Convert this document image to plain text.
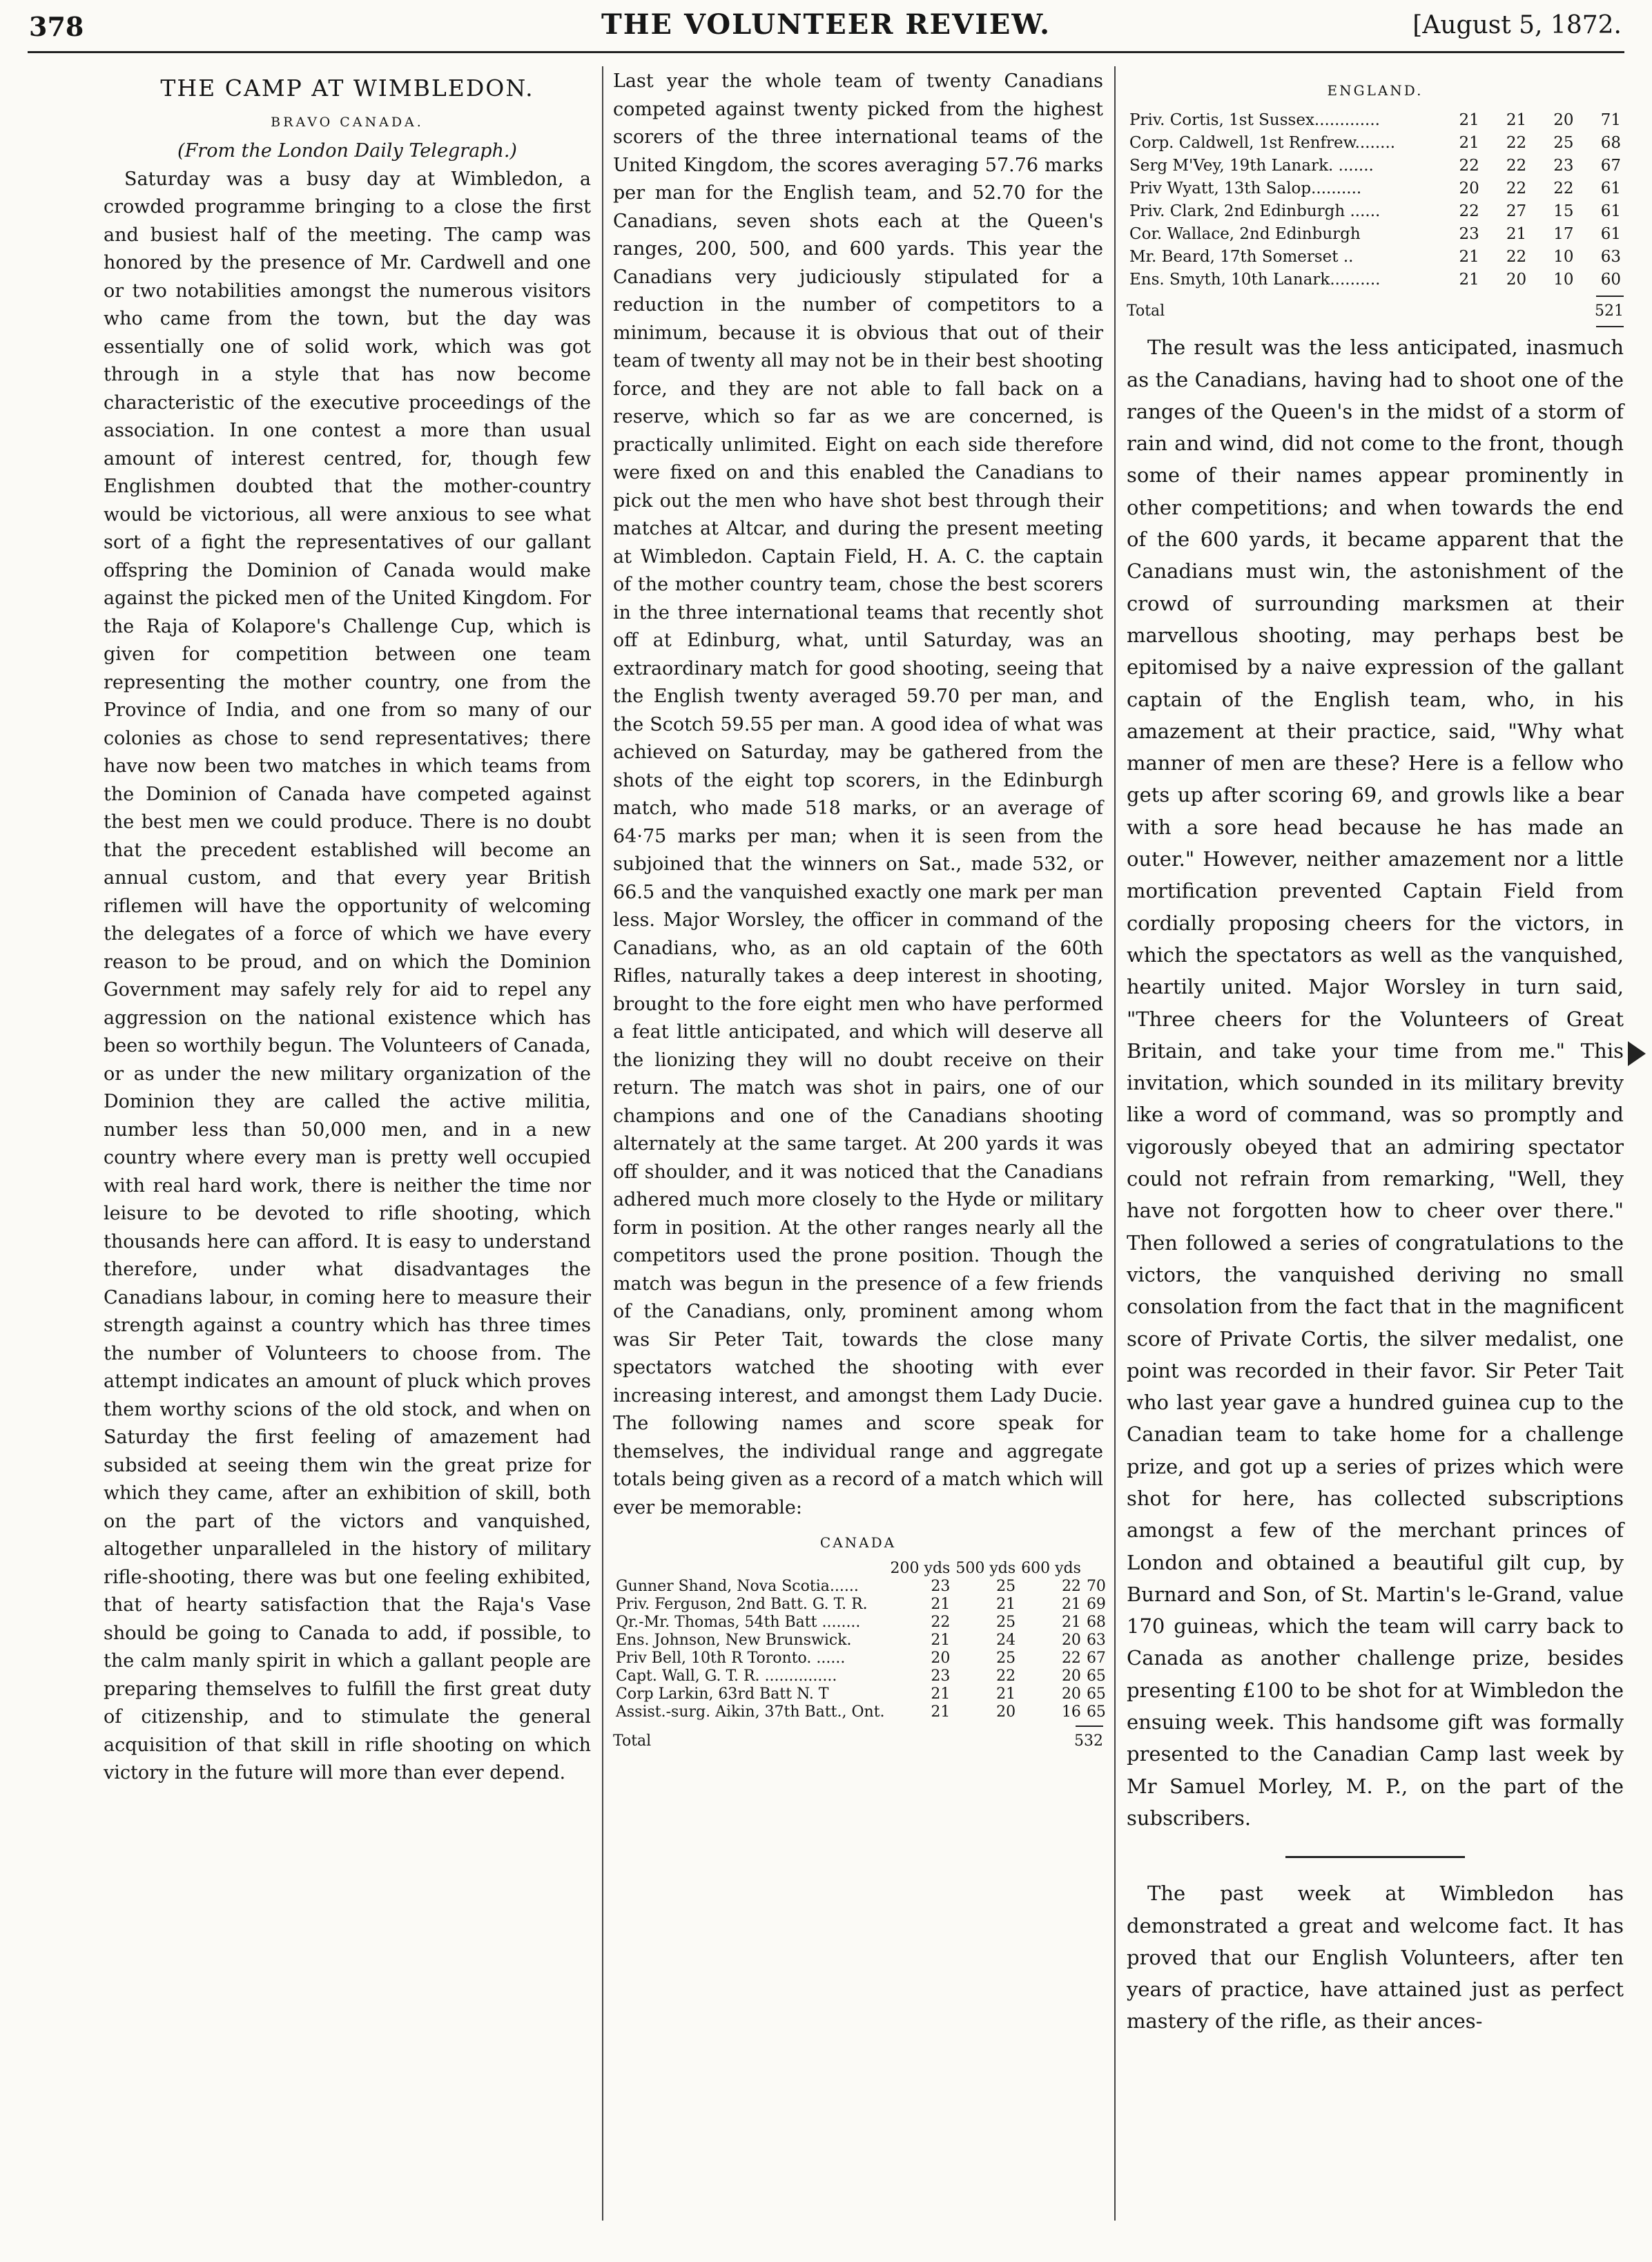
378	THE VOLUNTEER REVIEW.	[August 5, 1872.
THE CAMP AT WIMBLEDON.
BRAVO CANADA.
(From the London Daily Telegraph.)

Saturday was a busy day at Wimbledon, a crowded programme bringing to a close the first and busiest half of the meeting. The camp was honored by the presence of Mr. Cardwell and one or two notabilities amongst the numerous visitors who came from the town, but the day was essentially one of solid work, which was got through in a style that has now become characteristic of the executive proceedings of the association. In one contest a more than usual amount of interest centred, for, though few Englishmen doubted that the mother-country would be victorious, all were anxious to see what sort of a fight the representatives of our gallant offspring the Dominion of Canada would make against the picked men of the United Kingdom. For the Raja of Kolapore's Challenge Cup, which is given for competition between one team representing the mother country, one from the Province of India, and one from so many of our colonies as chose to send representatives; there have now been two matches in which teams from the Dominion of Canada have competed against the best men we could produce. There is no doubt that the precedent established will become an annual custom, and that every year British riflemen will have the opportunity of welcoming the delegates of a force of which we have every reason to be proud, and on which the Dominion Government may safely rely for aid to repel any aggression on the national existence which has been so worthily begun. The Volunteers of Canada, or as under the new military organization of the Dominion they are called the active militia, number less than 50,000 men, and in a new country where every man is pretty well occupied with real hard work, there is neither the time nor leisure to be devoted to rifle shooting, which thousands here can afford. It is easy to understand therefore, under what disadvantages the Canadians labour, in coming here to measure their strength against a country which has three times the number of Volunteers to choose from. The attempt indicates an amount of pluck which proves them worthy scions of the old stock, and when on Saturday the first feeling of amazement had subsided at seeing them win the great prize for which they came, after an exhibition of skill, both on the part of the victors and vanquished, altogether unparalleled in the history of military rifle-shooting, there was but one feeling exhibited, that of hearty satisfaction that the Raja's Vase should be going to Canada to add, if possible, to the calm manly spirit in which a gallant people are preparing themselves to fulfill the first great duty of citizenship, and to stimulate the general acquisition of that skill in rifle shooting on which victory in the future will more than ever depend.

Last year the whole team of twenty Canadians competed against twenty picked from the highest scorers of the three international teams of the United Kingdom, the scores averaging 57.76 marks per man for the English team, and 52.70 for the Canadians, seven shots each at the Queen's ranges, 200, 500, and 600 yards. This year the Canadians very judiciously stipulated for a reduction in the number of competitors to a minimum, because it is obvious that out of their team of twenty all may not be in their best shooting force, and they are not able to fall back on a reserve, which so far as we are concerned, is practically unlimited. Eight on each side therefore were fixed on and this enabled the Canadians to pick out the men who have shot best through their matches at Altcar, and during the present meeting at Wimbledon. Captain Field, H. A. C. the captain of the mother country team, chose the best scorers in the three international teams that recently shot off at Edinburg, what, until Saturday, was an extraordinary match for good shooting, seeing that the English twenty averaged 59.70 per man, and the Scotch 59.55 per man. A good idea of what was achieved on Saturday, may be gathered from the shots of the eight top scorers, in the Edinburgh match, who made 518 marks, or an average of 64·75 marks per man; when it is seen from the subjoined that the winners on Sat., made 532, or 66.5 and the vanquished exactly one mark per man less. Major Worsley, the officer in command of the Canadians, who, as an old captain of the 60th Rifles, naturally takes a deep interest in shooting, brought to the fore eight men who have performed a feat little anticipated, and which will deserve all the lionizing they will no doubt receive on their return. The match was shot in pairs, one of our champions and one of the Canadians shooting alternately at the same target. At 200 yards it was off shoulder, and it was noticed that the Canadians adhered much more closely to the Hyde or military form in position. At the other ranges nearly all the competitors used the prone position. Though the match was begun in the presence of a few friends of the Canadians, only, prominent among whom was Sir Peter Tait, towards the close many spectators watched the shooting with ever increasing interest, and amongst them Lady Ducie. The following names and score speak for themselves, the individual range and aggregate totals being given as a record of a match which will ever be memorable:

CANADA
	200 yds	500 yds	600 yds	
Gunner Shand, Nova Scotia......	23	25	22	70
Priv. Ferguson, 2nd Batt. G. T. R.	21	21	21	69
Qr.-Mr. Thomas, 54th Batt ........	22	25	21	68
Ens. Johnson, New Brunswick.	21	24	20	63
Priv Bell, 10th R Toronto. ......	20	25	22	67
Capt. Wall, G. T. R. ...............	23	22	20	65
Corp Larkin, 63rd Batt N. T	21	21	20	65
Assist.-surg. Aikin, 37th Batt., Ont.	21	20	16	65
Total	532
ENGLAND.
Priv. Cortis, 1st Sussex.............	21	21	20	71
Corp. Caldwell, 1st Renfrew........	21	22	25	68
Serg M'Vey, 19th Lanark. .......	22	22	23	67
Priv Wyatt, 13th Salop..........	20	22	22	61
Priv. Clark, 2nd Edinburgh ......	22	27	15	61
Cor. Wallace, 2nd Edinburgh	23	21	17	61
Mr. Beard, 17th Somerset ..	21	22	10	63
Ens. Smyth, 10th Lanark..........	21	20	10	60
Total	521

The result was the less anticipated, inasmuch as the Canadians, having had to shoot one of the ranges of the Queen's in the midst of a storm of rain and wind, did not come to the front, though some of their names appear prominently in other competitions; and when towards the end of the 600 yards, it became apparent that the Canadians must win, the astonishment of the crowd of surrounding marksmen at their marvellous shooting, may perhaps best be epitomised by a naive expression of the gallant captain of the English team, who, in his amazement at their practice, said, "Why what manner of men are these? Here is a fellow who gets up after scoring 69, and growls like a bear with a sore head because he has made an outer." However, neither amazement nor a little mortification prevented Captain Field from cordially proposing cheers for the victors, in which the spectators as well as the vanquished, heartily united. Major Worsley in turn said, "Three cheers for the Volunteers of Great Britain, and take your time from me." This invitation, which sounded in its military brevity like a word of command, was so promptly and vigorously obeyed that an admiring spectator could not refrain from remarking, "Well, they have not forgotten how to cheer over there." Then followed a series of congratulations to the victors, the vanquished deriving no small consolation from the fact that in the magnificent score of Private Cortis, the silver medalist, one point was recorded in their favor. Sir Peter Tait who last year gave a hundred guinea cup to the Canadian team to take home for a challenge prize, and got up a series of prizes which were shot for here, has collected subscriptions amongst a few of the merchant princes of London and obtained a beautiful gilt cup, by Burnard and Son, of St. Martin's le-Grand, value 170 guineas, which the team will carry back to Canada as another challenge prize, besides presenting £100 to be shot for at Wimbledon the ensuing week. This handsome gift was formally presented to the Canadian Camp last week by Mr Samuel Morley, M. P., on the part of the subscribers.

The past week at Wimbledon has demonstrated a great and welcome fact. It has proved that our English Volunteers, after ten years of practice, have attained just as perfect mastery of the rifle, as their ances-
